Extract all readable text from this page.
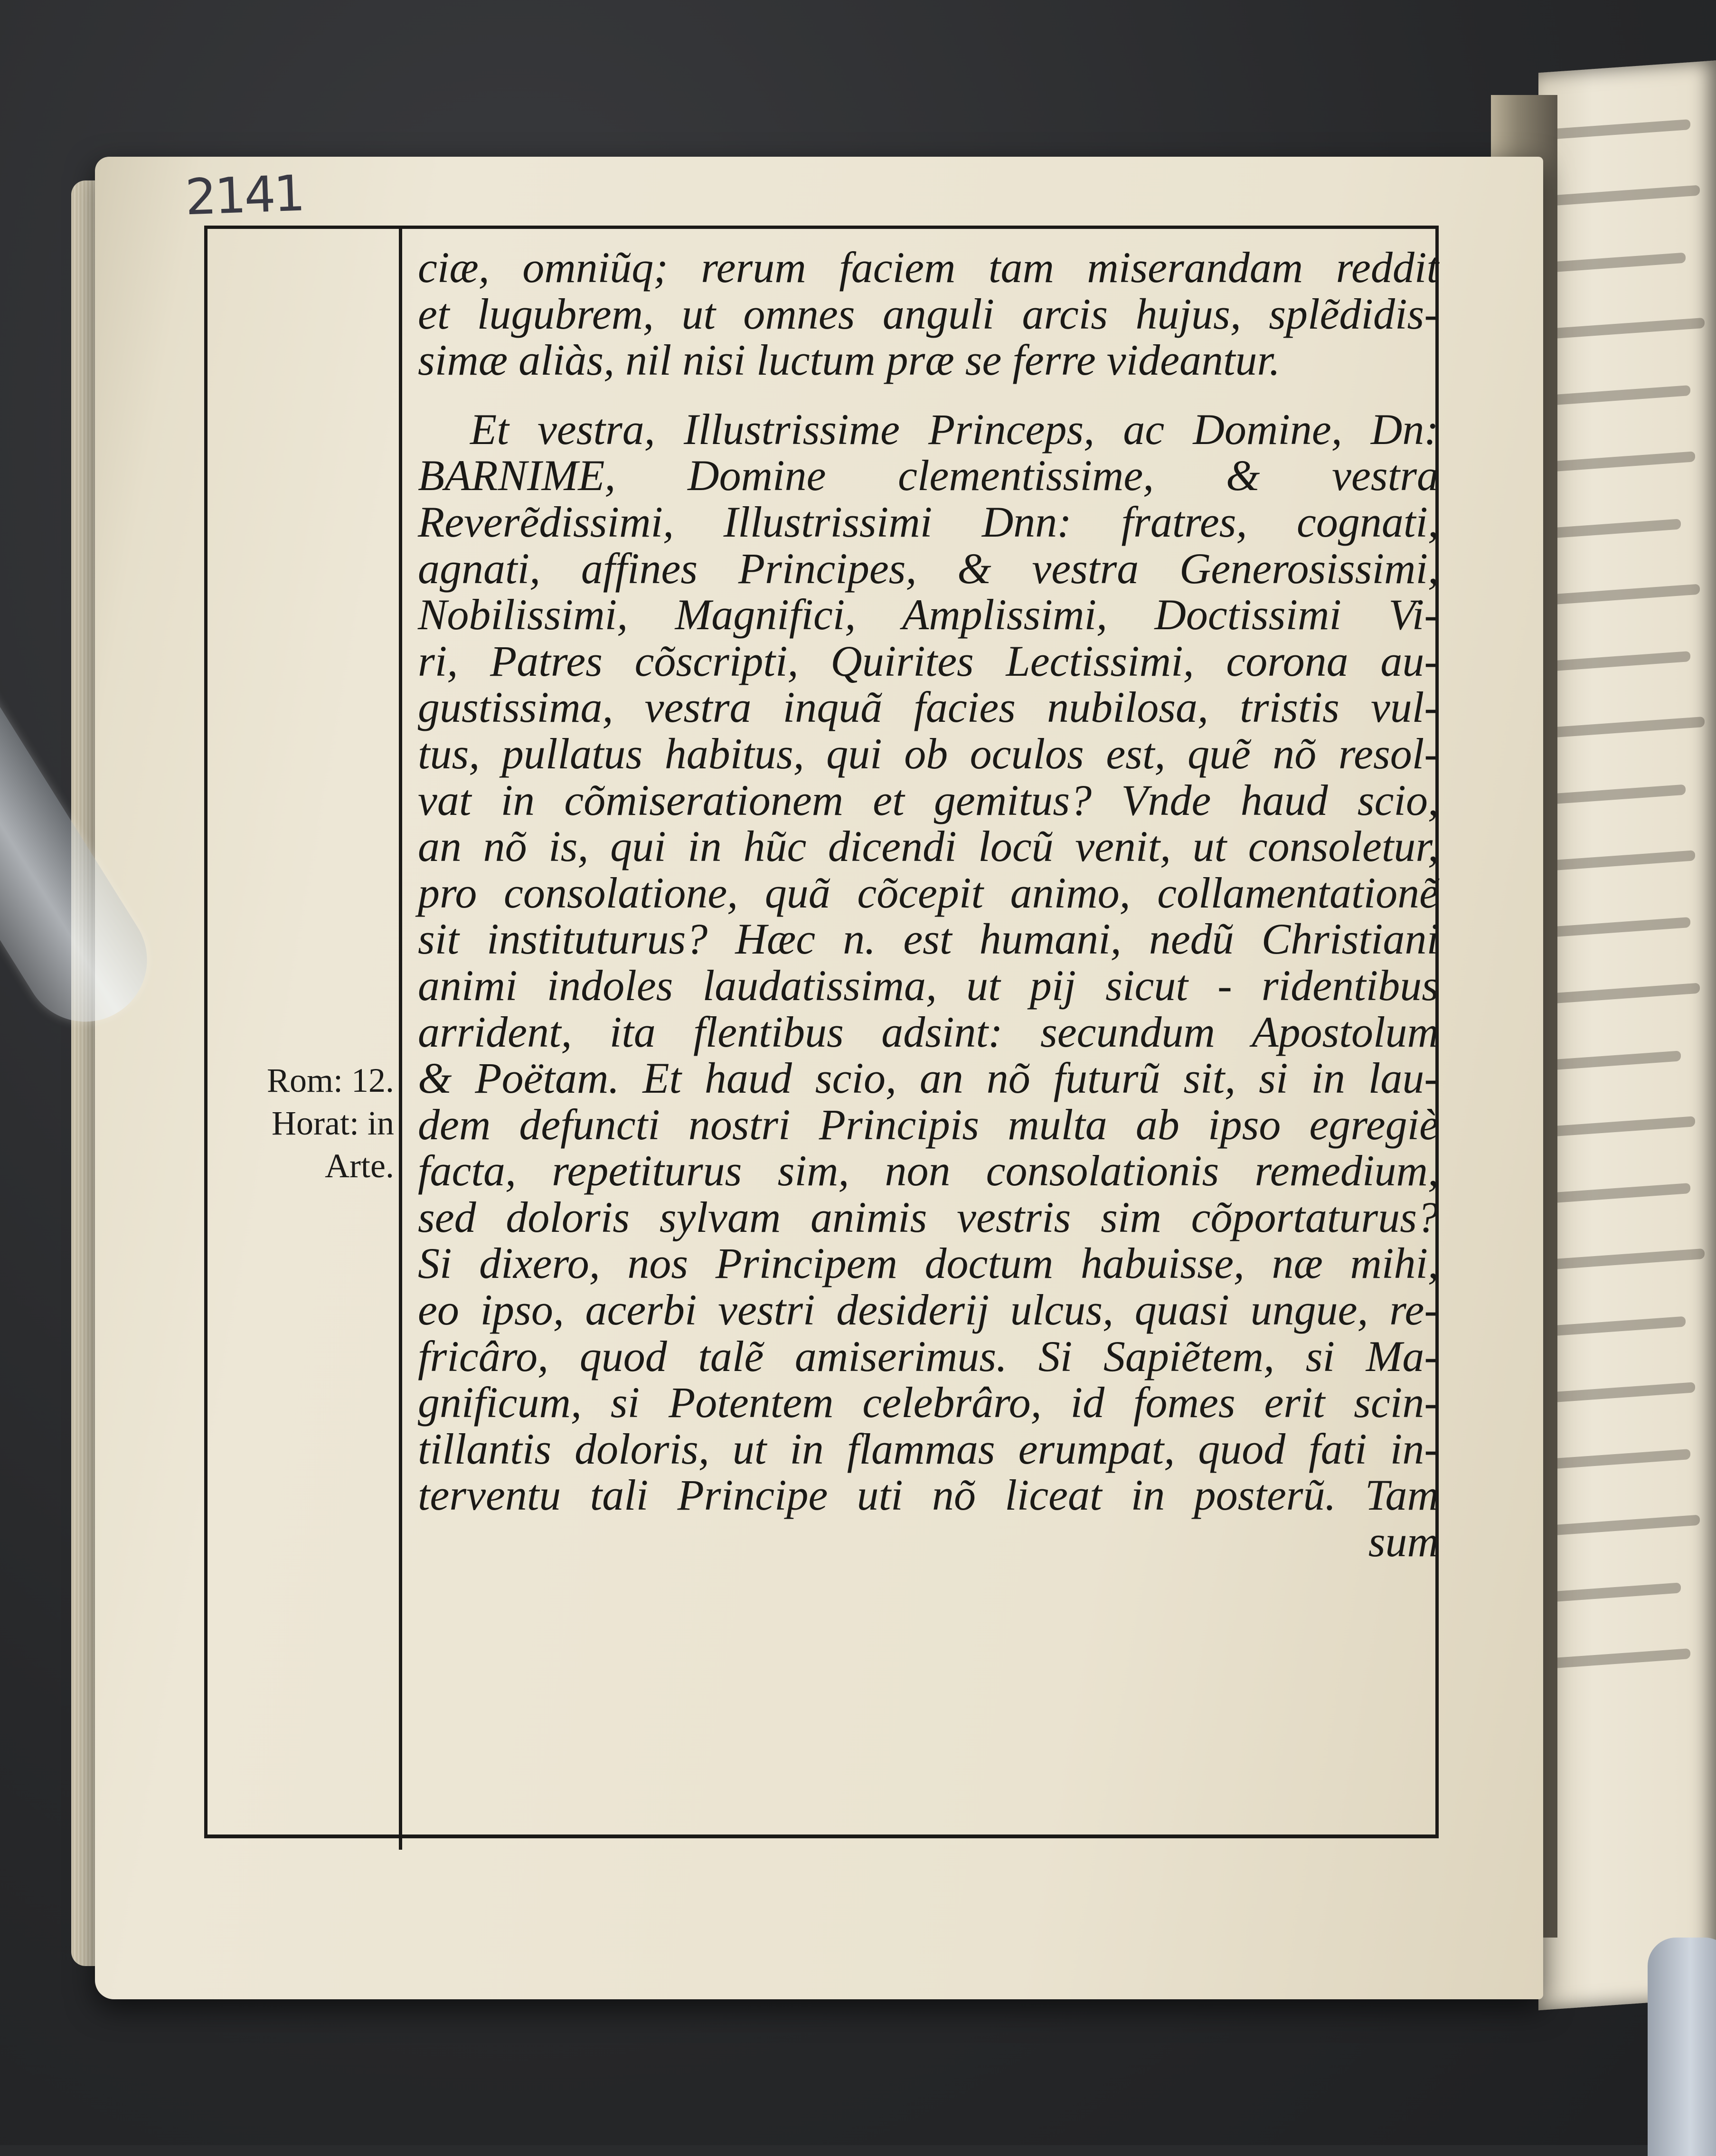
2141
Rom: 12.
Horat: in
Arte.
ciæ, omniũq; rerum faciem tam miserandam reddit
et lugubrem, ut omnes anguli arcis hujus, splẽdidis-
simæ aliàs, nil nisi luctum præ se ferre videantur.
Et vestra, Illustrissime Princeps, ac Domine, Dn:
BARNIME, Domine clementissime, & vestra
Reverẽdissimi, Illustrissimi Dnn: fratres, cognati,
agnati, affines Principes, & vestra Generosissimi,
Nobilissimi, Magnifici, Amplissimi, Doctissimi Vi-
ri, Patres cõscripti, Quirites Lectissimi, corona au-
gustissima, vestra inquã facies nubilosa, tristis vul-
tus, pullatus habitus, qui ob oculos est, quẽ nõ resol-
vat in cõmiserationem et gemitus? Vnde haud scio,
an nõ is, qui in hũc dicendi locũ venit, ut consoletur,
pro consolatione, quã cõcepit animo, collamentationẽ
sit instituturus? Hæc n. est humani, nedũ Christiani
animi indoles laudatissima, ut pij sicut - ridentibus
arrident, ita flentibus adsint: secundum Apostolum
& Poëtam. Et haud scio, an nõ futurũ sit, si in lau-
dem defuncti nostri Principis multa ab ipso egregiè
facta, repetiturus sim, non consolationis remedium,
sed doloris sylvam animis vestris sim cõportaturus?
Si dixero, nos Principem doctum habuisse, næ mihi,
eo ipso, acerbi vestri desiderij ulcus, quasi ungue, re-
fricâro, quod talẽ amiserimus. Si Sapiẽtem, si Ma-
gnificum, si Potentem celebrâro, id fomes erit scin-
tillantis doloris, ut in flammas erumpat, quod fati in-
terventu tali Principe uti nõ liceat in posterũ. Tam
sum
